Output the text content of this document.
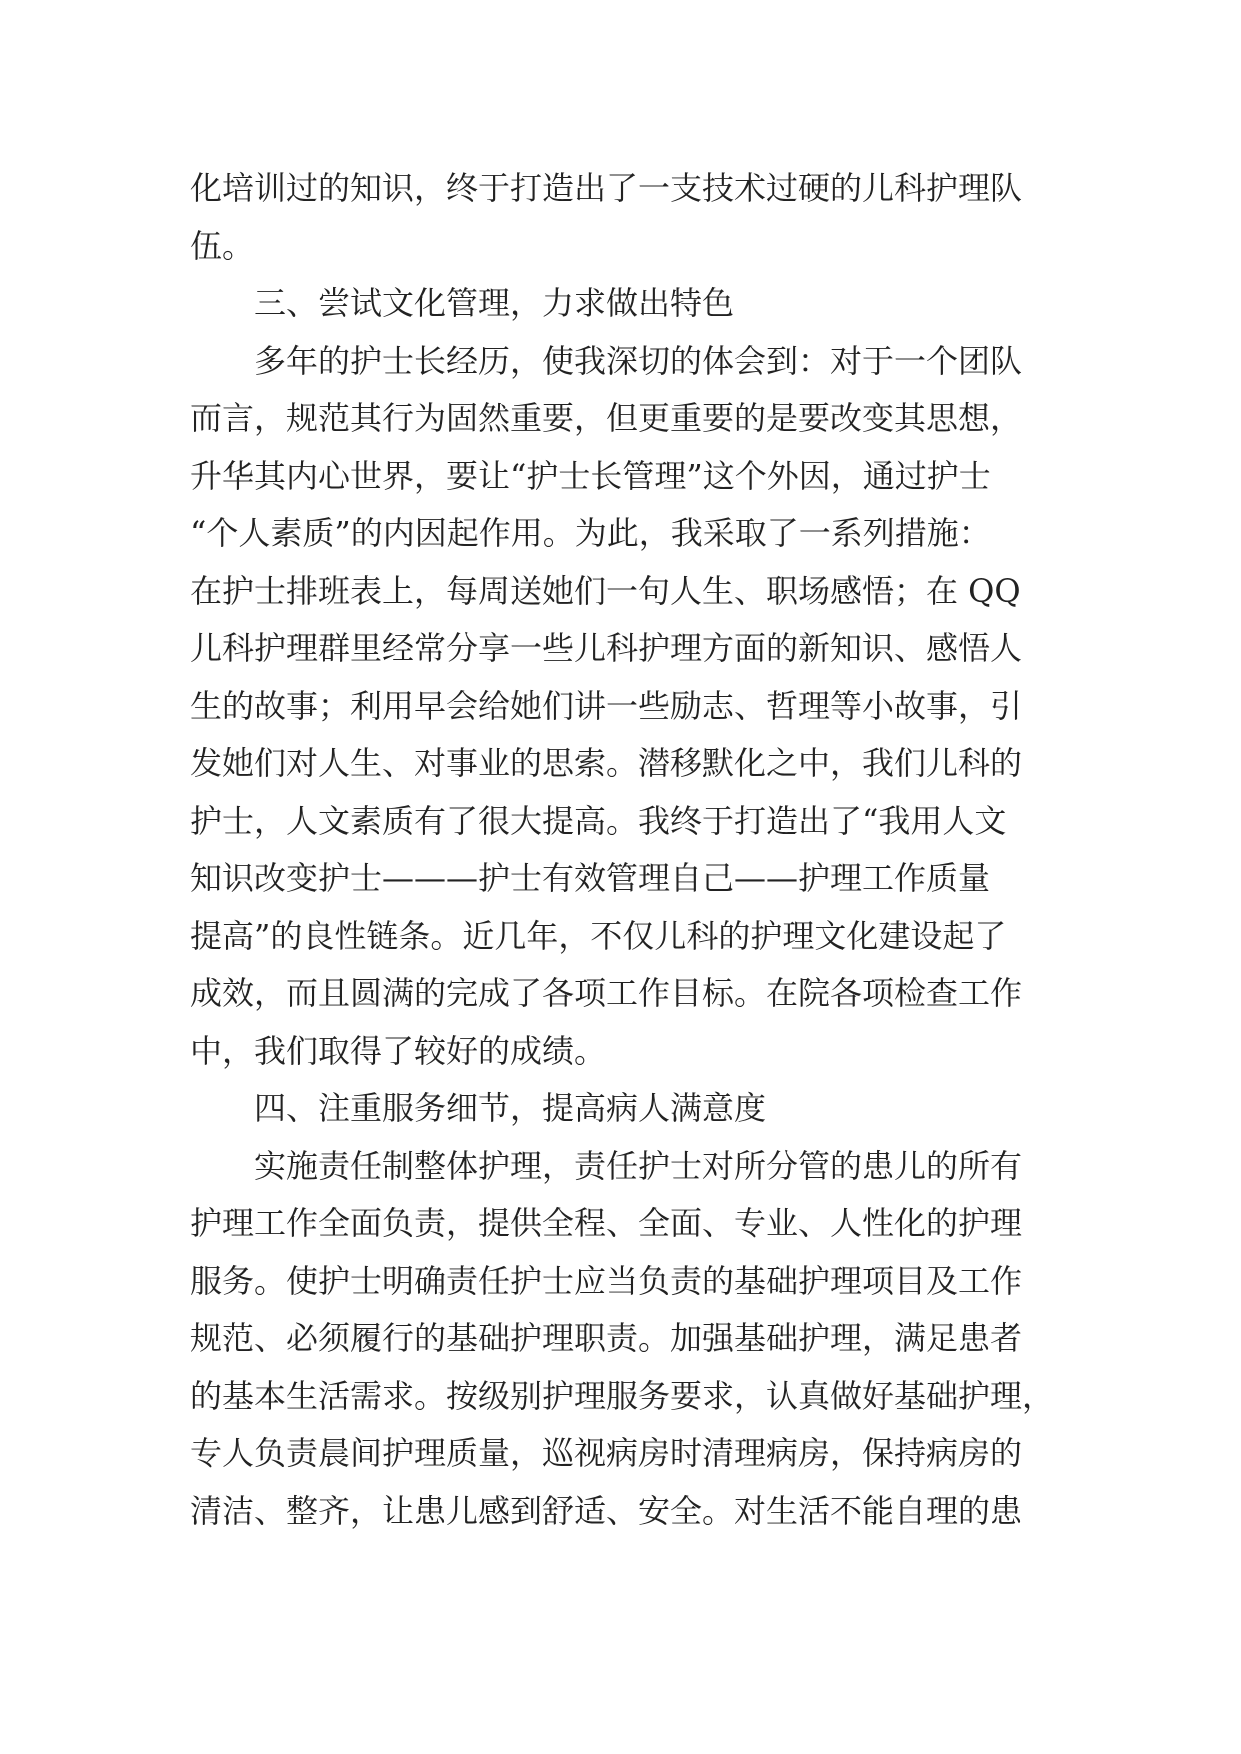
化培训过的知识，终于打造出了一支技术过硬的儿科护理队
伍。
三、尝试文化管理，力求做出特色
多年的护士长经历，使我深切的体会到：对于一个团队
而言，规范其行为固然重要，但更重要的是要改变其思想，
升华其内心世界，要让“护士长管理”这个外因，通过护士
“个人素质”的内因起作用。为此，我采取了一系列措施：
在护士排班表上，每周送她们一句人生、职场感悟；在 QQ
儿科护理群里经常分享一些儿科护理方面的新知识、感悟人
生的故事；利用早会给她们讲一些励志、哲理等小故事，引
发她们对人生、对事业的思索。潜移默化之中，我们儿科的
护士，人文素质有了很大提高。我终于打造出了“我用人文
知识改变护士———护士有效管理自己——护理工作质量
提高”的良性链条。近几年，不仅儿科的护理文化建设起了
成效，而且圆满的完成了各项工作目标。在院各项检查工作
中，我们取得了较好的成绩。
四、注重服务细节，提高病人满意度
实施责任制整体护理，责任护士对所分管的患儿的所有
护理工作全面负责，提供全程、全面、专业、人性化的护理
服务。使护士明确责任护士应当负责的基础护理项目及工作
规范、必须履行的基础护理职责。加强基础护理，满足患者
的基本生活需求。按级别护理服务要求，认真做好基础护理，
专人负责晨间护理质量，巡视病房时清理病房，保持病房的
清洁、整齐，让患儿感到舒适、安全。对生活不能自理的患
